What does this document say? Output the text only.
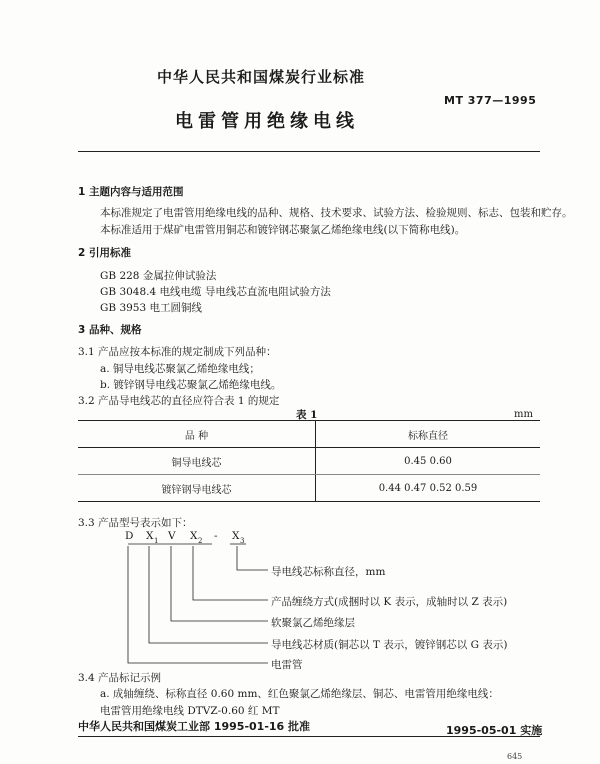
中华人民共和国煤炭行业标准
MT 377—1995
电雷管用绝缘电线
1 主题内容与适用范围
本标准规定了电雷管用绝缘电线的品种、规格、技术要求、试验方法、检验规则、标志、包装和贮存。
本标准适用于煤矿电雷管用铜芯和镀锌钢芯聚氯乙烯绝缘电线(以下简称电线)。
2 引用标准
GB 228 金属拉伸试验法
GB 3048.4 电线电缆 导电线芯直流电阻试验方法
GB 3953 电工圆铜线
3 品种、规格
3.1 产品应按本标准的规定制成下列品种：
a. 铜导电线芯聚氯乙烯绝缘电线；
b. 镀锌钢导电线芯聚氯乙烯绝缘电线。
3.2 产品导电线芯的直径应符合表 1 的规定
表 1	mm
品 种	标称直径
铜导电线芯	0.45 0.60
镀锌钢导电线芯	0.44 0.47 0.52 0.59
3.3 产品型号表示如下：
D X 1 V X 2 - X 3
导电线芯标称直径，mm
产品缠绕方式(成捆时以 K 表示，成轴时以 Z 表示)
软聚氯乙烯绝缘层
导电线芯材质(铜芯以 T 表示，镀锌钢芯以 G 表示)
电雷管
3.4 产品标记示例
a. 成轴缠绕、标称直径 0.60 mm、红色聚氯乙烯绝缘层、铜芯、电雷管用绝缘电线：
电雷管用绝缘电线 DTVZ-0.60 红 MT
中华人民共和国煤炭工业部 1995-01-16 批准	1995-05-01 实施
645
